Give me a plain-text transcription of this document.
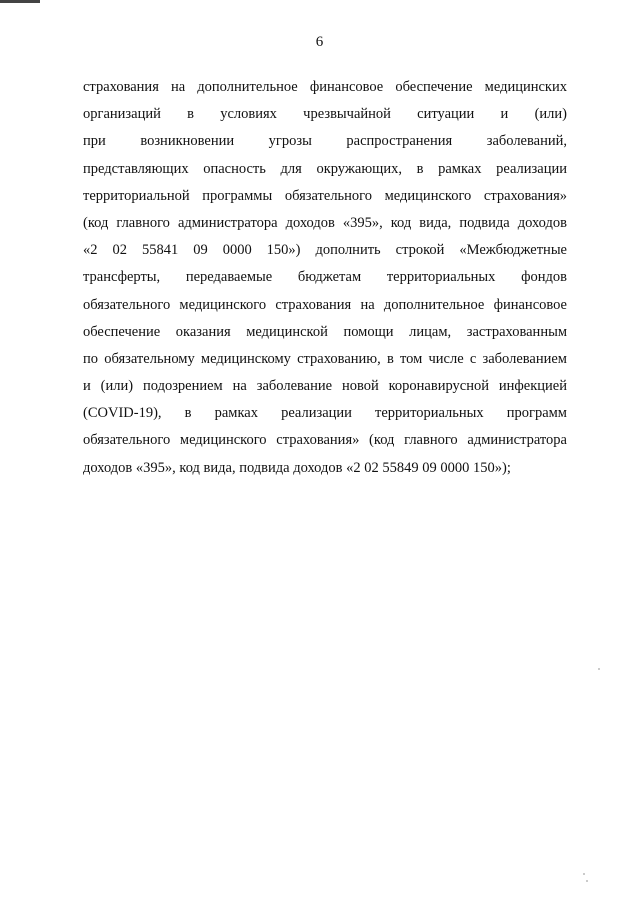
6
страхования на дополнительное финансовое обеспечение медицинских
организаций в условиях чрезвычайной ситуации и (или)
при возникновении угрозы распространения заболеваний,
представляющих опасность для окружающих, в рамках реализации
территориальной программы обязательного медицинского страхования»
(код главного администратора доходов «395», код вида, подвида доходов
«2 02 55841 09 0000 150») дополнить строкой «Межбюджетные
трансферты, передаваемые бюджетам территориальных фондов
обязательного медицинского страхования на дополнительное финансовое
обеспечение оказания медицинской помощи лицам, застрахованным
по обязательному медицинскому страхованию, в том числе с заболеванием
и (или) подозрением на заболевание новой коронавирусной инфекцией
(COVID-19), в рамках реализации территориальных программ
обязательного медицинского страхования» (код главного администратора
доходов «395», код вида, подвида доходов «2 02 55849 09 0000 150»);
